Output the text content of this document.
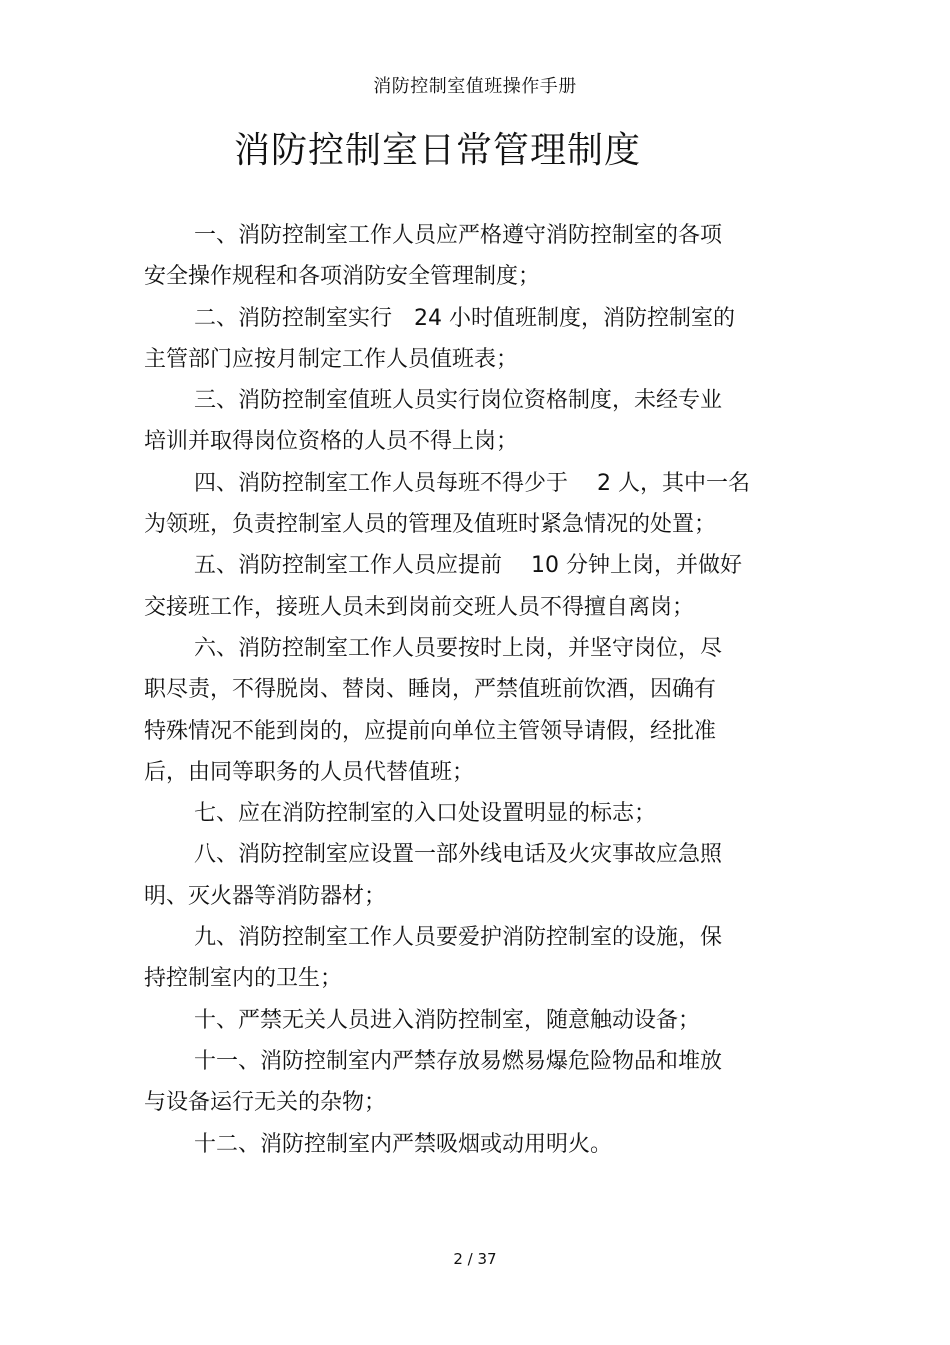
消防控制室值班操作手册
消防控制室日常管理制度
一、消防控制室工作人员应严格遵守消防控制室的各项
安全操作规程和各项消防安全管理制度；
二、消防控制室实行　24 小时值班制度，消防控制室的
主管部门应按月制定工作人员值班表；
三、消防控制室值班人员实行岗位资格制度，未经专业
培训并取得岗位资格的人员不得上岗；
四、消防控制室工作人员每班不得少于　 2 人，其中一名
为领班，负责控制室人员的管理及值班时紧急情况的处置；
五、消防控制室工作人员应提前　 10 分钟上岗，并做好
交接班工作，接班人员未到岗前交班人员不得擅自离岗；
六、消防控制室工作人员要按时上岗，并坚守岗位，尽
职尽责，不得脱岗、替岗、睡岗，严禁值班前饮酒，因确有
特殊情况不能到岗的，应提前向单位主管领导请假，经批准
后，由同等职务的人员代替值班；
七、应在消防控制室的入口处设置明显的标志；
八、消防控制室应设置一部外线电话及火灾事故应急照
明、灭火器等消防器材；
九、消防控制室工作人员要爱护消防控制室的设施，保
持控制室内的卫生；
十、严禁无关人员进入消防控制室，随意触动设备；
十一、消防控制室内严禁存放易燃易爆危险物品和堆放
与设备运行无关的杂物；
十二、消防控制室内严禁吸烟或动用明火。
2 / 37
